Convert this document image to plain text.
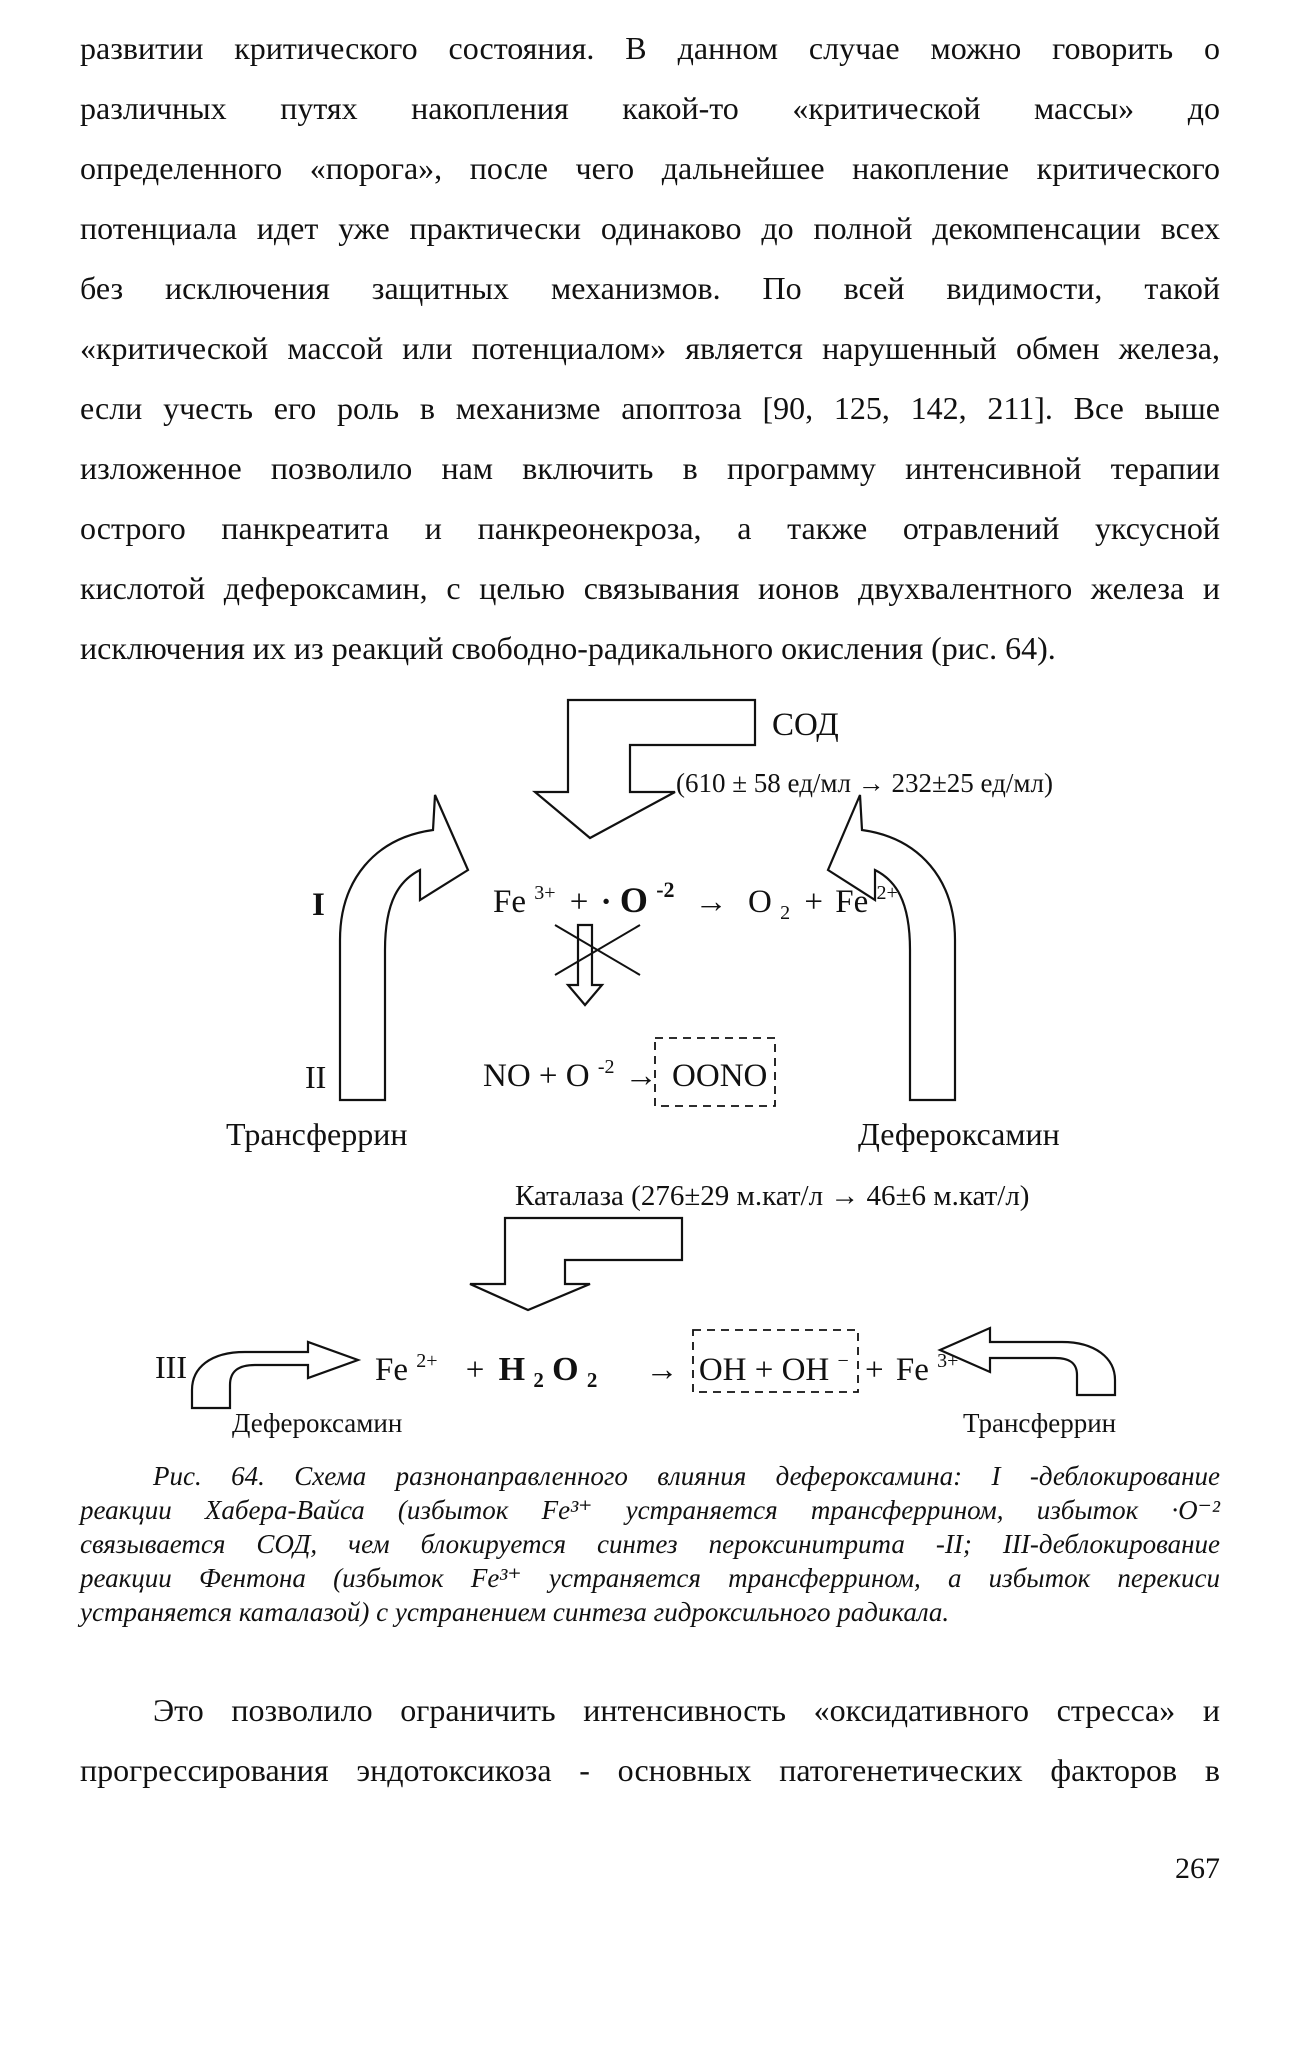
развитии критического состояния. В данном случае можно говорить о
различных путях накопления какой-то «критической массы» до
определенного «порога», после чего дальнейшее накопление критического
потенциала идет уже практически одинаково до полной декомпенсации всех
без исключения защитных механизмов. По всей видимости, такой
«критической массой или потенциалом» является нарушенный обмен железа,
если учесть его роль в механизме апоптоза [90, 125, 142, 211]. Все выше
изложенное позволило нам включить в программу интенсивной терапии
острого панкреатита и панкреонекроза, а также отравлений уксусной
кислотой дефероксамин, с целью связывания ионов двухвалентного железа и
исключения их из реакций свободно-радикального окисления (рис. 64).
СОД
(610 ± 58 ед/мл → 232±25 ед/мл)
I
II
III
Fe $^{3+}$ + · O $^{-2}$ → O $_2$ + Fe $^{2+}$
NO + O $^{-2}$ → OONO
Трансферрин	Дефероксамин
Каталаза (276±29 м.кат/л → 46±6 м.кат/л)
Fe $^{2+}$ + H $_2$ O $_2$ → OH + OH − + Fe $^{3+}$
Дефероксамин	Трансферрин
Рис. 64. Схема разнонаправленного влияния дефероксамина: I -деблокирование
реакции Хабера-Вайса (избыток Fe³⁺ устраняется трансферрином, избыток ·O⁻²
связывается СОД, чем блокируется синтез пероксинитрита -II; III-деблокирование
реакции Фентона (избыток Fe³⁺ устраняется трансферрином, а избыток перекиси
устраняется каталазой) с устранением синтеза гидроксильного радикала.
Это позволило ограничить интенсивность «оксидативного стресса» и
прогрессирования эндотоксикоза - основных патогенетических факторов в
267
